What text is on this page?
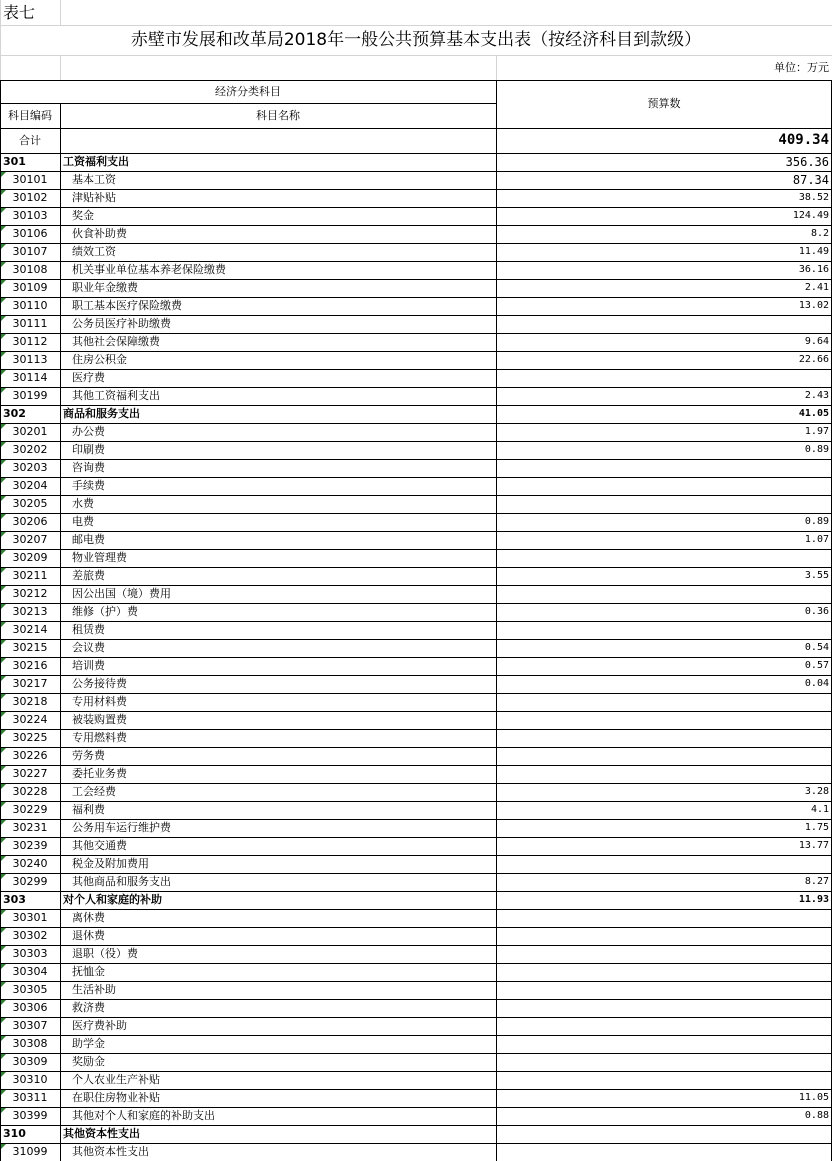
表七
赤壁市发展和改革局2018年一般公共预算基本支出表（按经济科目到款级）
单位：万元
经济分类科目
科目编码	科目名称
预算数
合计	409.34
301	工资福利支出	356.36
30101	基本工资	87.34
30102	津贴补贴	38.52
30103	奖金	124.49
30106	伙食补助费	8.2
30107	绩效工资	11.49
30108	机关事业单位基本养老保险缴费	36.16
30109	职业年金缴费	2.41
30110	职工基本医疗保险缴费	13.02
30111	公务员医疗补助缴费
30112	其他社会保障缴费	9.64
30113	住房公积金	22.66
30114	医疗费
30199	其他工资福利支出	2.43
302	商品和服务支出	41.05
30201	办公费	1.97
30202	印刷费	0.89
30203	咨询费
30204	手续费
30205	水费
30206	电费	0.89
30207	邮电费	1.07
30209	物业管理费
30211	差旅费	3.55
30212	因公出国（境）费用
30213	维修（护）费	0.36
30214	租赁费
30215	会议费	0.54
30216	培训费	0.57
30217	公务接待费	0.04
30218	专用材料费
30224	被装购置费
30225	专用燃料费
30226	劳务费
30227	委托业务费
30228	工会经费	3.28
30229	福利费	4.1
30231	公务用车运行维护费	1.75
30239	其他交通费	13.77
30240	税金及附加费用
30299	其他商品和服务支出	8.27
303	对个人和家庭的补助	11.93
30301	离休费
30302	退休费
30303	退职（役）费
30304	抚恤金
30305	生活补助
30306	救济费
30307	医疗费补助
30308	助学金
30309	奖励金
30310	个人农业生产补贴
30311	在职住房物业补贴	11.05
30399	其他对个人和家庭的补助支出	0.88
310	其他资本性支出
31099	其他资本性支出
